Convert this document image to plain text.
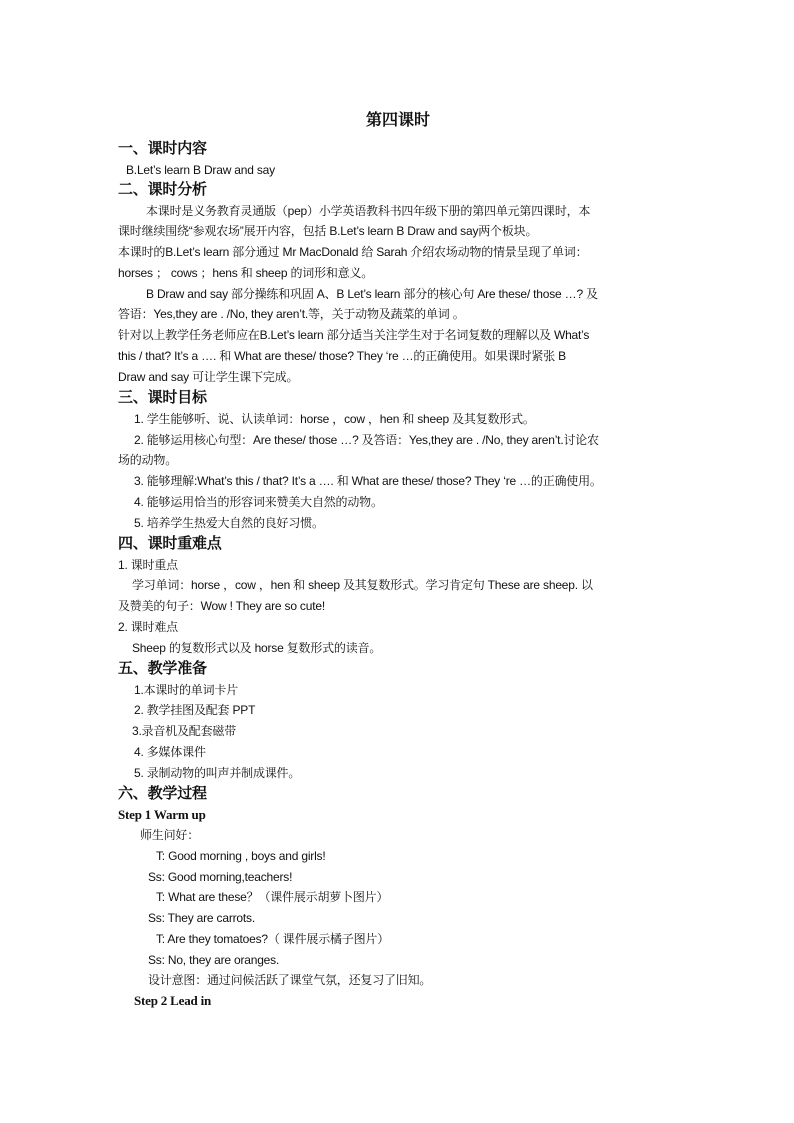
第四课时
一、课时内容
B.Let’s learn B Draw and say
二、课时分析
本课时是义务教育灵通版（pep）小学英语教科书四年级下册的第四单元第四课时，本
课时继续围绕“参观农场”展开内容，包括 B.Let’s learn B Draw and say两个板块。
本课时的B.Let’s learn 部分通过 Mr MacDonald 给 Sarah 介绍农场动物的情景呈现了单词：
horses ； cows ；hens 和 sheep 的词形和意义。
B Draw and say 部分操练和巩固 A、B Let’s learn 部分的核心句 Are these/ those …? 及
答语：Yes,they are . /No, they aren’t.等，关于动物及蔬菜的单词 。
针对以上教学任务老师应在B.Let’s learn 部分适当关注学生对于名词复数的理解以及 What’s
this / that? It’s a …. 和 What are these/ those? They ‘re …的正确使用。如果课时紧张 B
Draw and say 可让学生课下完成。
三、课时目标
1. 学生能够听、说、认读单词：horse ，cow ，hen 和 sheep 及其复数形式。
2. 能够运用核心句型：Are these/ those …? 及答语：Yes,they are . /No, they aren’t.讨论农
场的动物。
3. 能够理解:What’s this / that? It’s a …. 和 What are these/ those? They ‘re …的正确使用。
4. 能够运用恰当的形容词来赞美大自然的动物。
5. 培养学生热爱大自然的良好习惯。
四、课时重难点
1. 课时重点
学习单词：horse ，cow ，hen 和 sheep 及其复数形式。学习肯定句 These are sheep. 以
及赞美的句子：Wow ! They are so cute!
2. 课时难点
Sheep 的复数形式以及 horse 复数形式的读音。
五、教学准备
1.本课时的单词卡片
2. 教学挂图及配套 PPT
3.录音机及配套磁带
4. 多媒体课件
5. 录制动物的叫声并制成课件。
六、教学过程
Step 1 Warm up
师生问好：
T: Good morning , boys and girls!
Ss: Good morning,teachers!
T: What are these？（课件展示胡萝卜图片）
Ss: They are carrots.
T: Are they tomatoes?（ 课件展示橘子图片）
Ss: No, they are oranges.
设计意图：通过问候活跃了课堂气氛，还复习了旧知。
Step 2 Lead in
